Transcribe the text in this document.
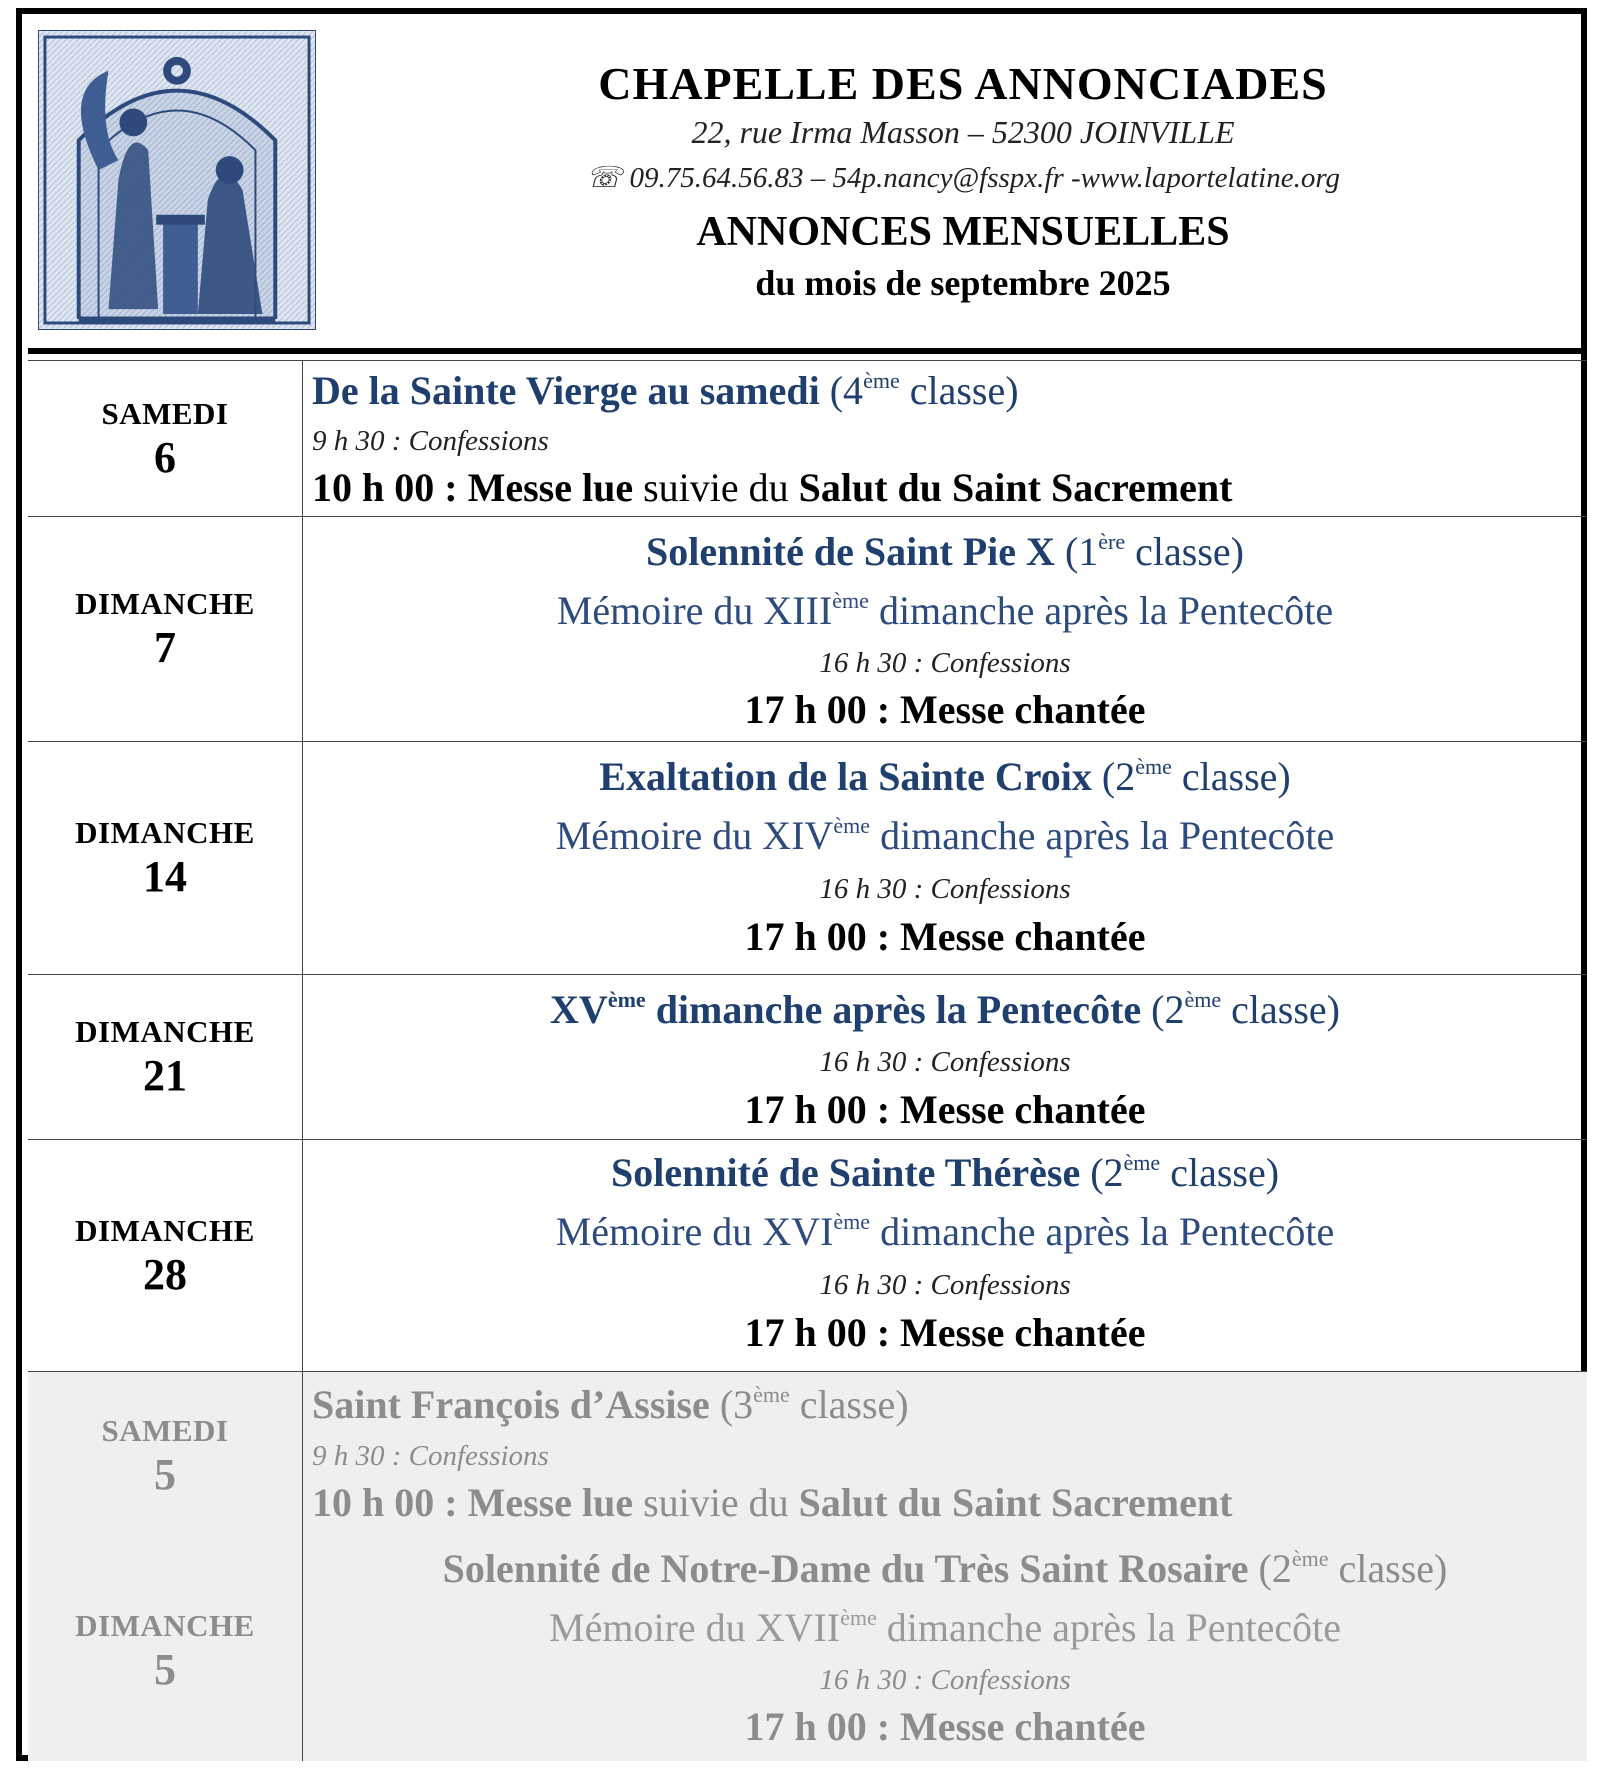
CHAPELLE DES ANNONCIADES
22, rue Irma Masson – 52300 JOINVILLE
☏ 09.75.64.56.83 – 54p.nancy@fsspx.fr -www.laportelatine.org
ANNONCES MENSUELLES
du mois de septembre 2025
SAMEDI
6
De la Sainte Vierge au samedi (4ème classe)
9 h 30 : Confessions
10 h 00 : Messe lue suivie du Salut du Saint Sacrement
DIMANCHE
7
Solennité de Saint Pie X (1ère classe)
Mémoire du XIIIème dimanche après la Pentecôte
16 h 30 : Confessions
17 h 00 : Messe chantée
DIMANCHE
14
Exaltation de la Sainte Croix (2ème classe)
Mémoire du XIVème dimanche après la Pentecôte
16 h 30 : Confessions
17 h 00 : Messe chantée
DIMANCHE
21
XVème dimanche après la Pentecôte (2ème classe)
16 h 30 : Confessions
17 h 00 : Messe chantée
DIMANCHE
28
Solennité de Sainte Thérèse (2ème classe)
Mémoire du XVIème dimanche après la Pentecôte
16 h 30 : Confessions
17 h 00 : Messe chantée
SAMEDI
5
DIMANCHE
5
Saint François d’Assise (3ème classe)
9 h 30 : Confessions
10 h 00 : Messe lue suivie du Salut du Saint Sacrement
Solennité de Notre-Dame du Très Saint Rosaire (2ème classe)
Mémoire du XVIIème dimanche après la Pentecôte
16 h 30 : Confessions
17 h 00 : Messe chantée
